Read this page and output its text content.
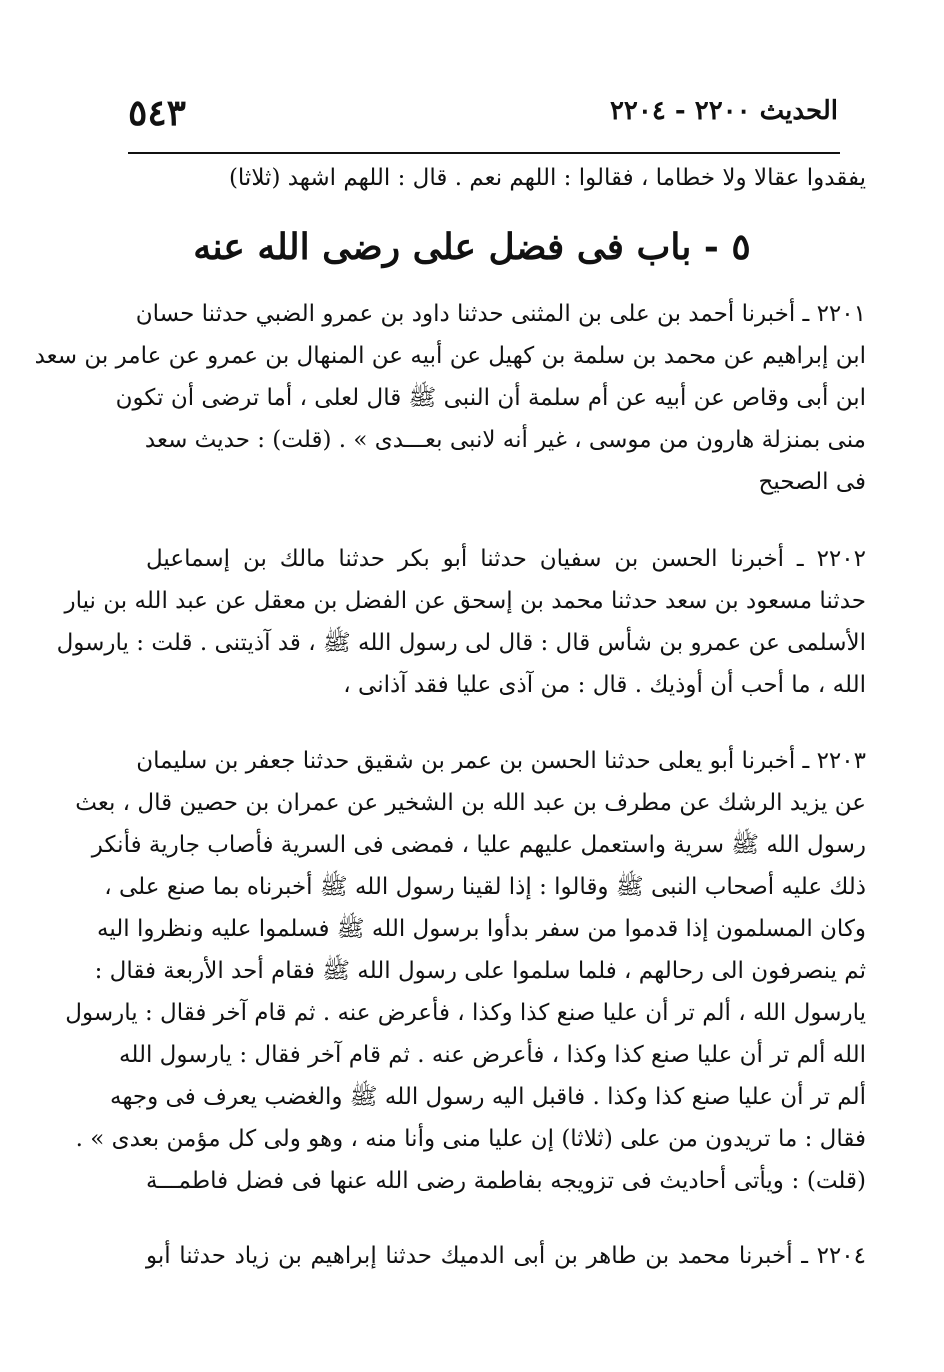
الحديث ٢٢٠٠ - ٢٢٠٤
٥٤٣
يفقدوا عقالا ولا خطاما ، فقالوا : اللهم نعم . قال : اللهم اشهد (ثلاثا)
٥ - باب فى فضل على رضى الله عنه
٢٢٠١ ـ أخبرنا أحمد بن على بن المثنى حدثنا داود بن عمرو الضبي حدثنا حسان
ابن إبراهيم عن محمد بن سلمة بن كهيل عن أبيه عن المنهال بن عمرو عن عامر بن سعد
ابن أبى وقاص عن أبيه عن أم سلمة أن النبى ﷺ قال لعلى ، أما ترضى أن تكون
منى بمنزلة هارون من موسى ، غير أنه لانبى بعـــدى » . (قلت) : حديث سعد
فى الصحيح
٢٢٠٢ ـ أخبرنا الحسن بن سفيان حدثنا أبو بكر حدثنا مالك بن إسماعيل
حدثنا مسعود بن سعد حدثنا محمد بن إسحق عن الفضل بن معقل عن عبد الله بن نيار
الأسلمى عن عمرو بن شأس قال : قال لى رسول الله ﷺ ، قد آذيتنى . قلت : يارسول
الله ، ما أحب أن أوذيك . قال : من آذى عليا فقد آذانى ،
٢٢٠٣ ـ أخبرنا أبو يعلى حدثنا الحسن بن عمر بن شقيق حدثنا جعفر بن سليمان
عن يزيد الرشك عن مطرف بن عبد الله بن الشخير عن عمران بن حصين قال ، بعث
رسول الله ﷺ سرية واستعمل عليهم عليا ، فمضى فى السرية فأصاب جارية فأنكر
ذلك عليه أصحاب النبى ﷺ وقالوا : إذا لقينا رسول الله ﷺ أخبرناه بما صنع على ،
وكان المسلمون إذا قدموا من سفر بدأوا برسول الله ﷺ فسلموا عليه ونظروا اليه
ثم ينصرفون الى رحالهم ، فلما سلموا على رسول الله ﷺ فقام أحد الأربعة فقال :
يارسول الله ، ألم تر أن عليا صنع كذا وكذا ، فأعرض عنه . ثم قام آخر فقال : يارسول
الله ألم تر أن عليا صنع كذا وكذا ، فأعرض عنه . ثم قام آخر فقال : يارسول الله
ألم تر أن عليا صنع كذا وكذا . فاقبل اليه رسول الله ﷺ والغضب يعرف فى وجهه
فقال : ما تريدون من على (ثلاثا) إن عليا منى وأنا منه ، وهو ولى كل مؤمن بعدى » .
(قلت) : ويأتى أحاديث فى تزويجه بفاطمة رضى الله عنها فى فضل فاطمـــة
٢٢٠٤ ـ أخبرنا محمد بن طاهر بن أبى الدميك حدثنا إبراهيم بن زياد حدثنا أبو
